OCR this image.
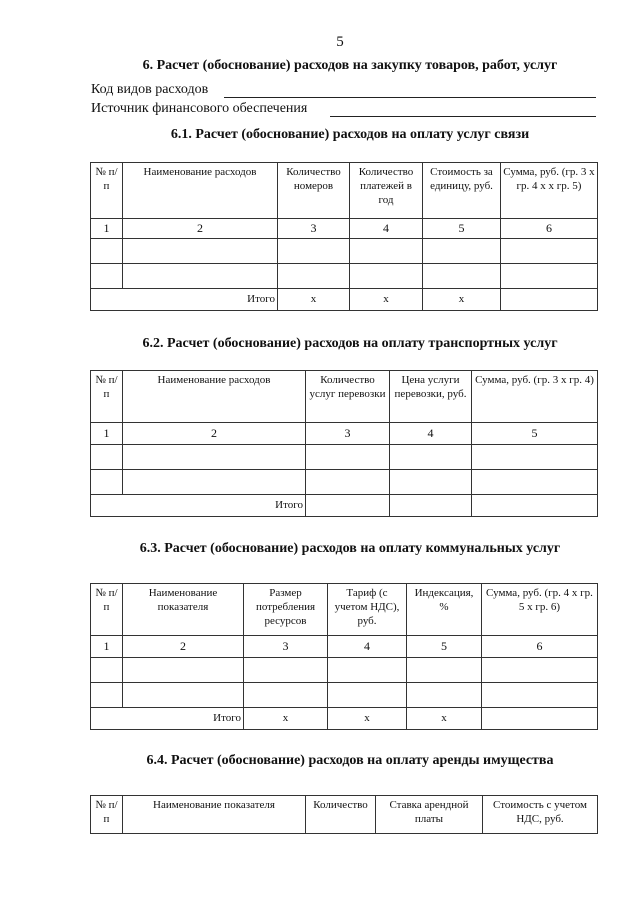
5
6. Расчет (обоснование) расходов на закупку товаров, работ, услуг
Код видов расходов
Источник финансового обеспечения
6.1. Расчет (обоснование) расходов на оплату услуг связи
№ п/п	Наименование расходов	Количество номеров	Количество платежей в год	Стоимость за единицу, руб.	Сумма, руб. (гр. 3 x гр. 4 x x гр. 5)
1	2	3	4	5	6

Итого		x	x	x	
6.2. Расчет (обоснование) расходов на оплату транспортных услуг
№ п/п	Наименование расходов	Количество услуг перевозки	Цена услуги перевозки, руб.	Сумма, руб. (гр. 3 x гр. 4)
1	2	3	4	5

Итого				
6.3. Расчет (обоснование) расходов на оплату коммунальных услуг
№ п/п	Наименование показателя	Размер потребления ресурсов	Тариф (с учетом НДС), руб.	Индексация, %	Сумма, руб. (гр. 4 x гр. 5 x гр. 6)
1	2	3	4	5	6

Итого		x	x	x	
6.4. Расчет (обоснование) расходов на оплату аренды имущества
№ п/п	Наименование показателя	Количество	Ставка арендной платы	Стоимость с учетом НДС, руб.
